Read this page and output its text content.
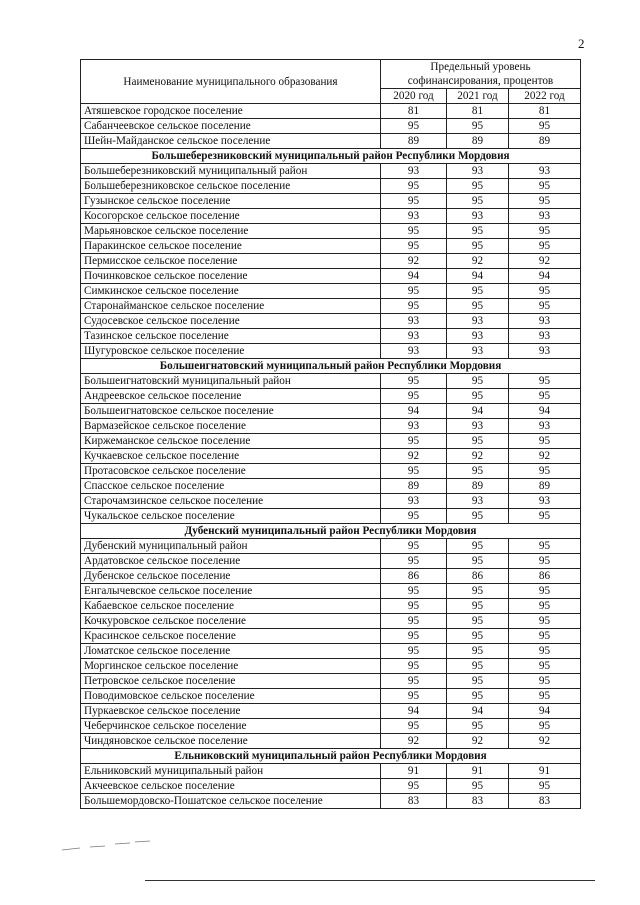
2
Наименование муниципального образования	Предельный уровень софинансирования, процентов		
	2020 год	2021 год	2022 год
Атяшевское городское поселение	81	81	81
Сабанчеевское сельское поселение	95	95	95
Шейн-Майданское сельское поселение	89	89	89
Большеберезниковский муниципальный район Республики Мордовия			
Большеберезниковский муниципальный район	93	93	93
Большеберезниковское сельское поселение	95	95	95
Гузынское сельское поселение	95	95	95
Косогорское сельское поселение	93	93	93
Марьяновское сельское поселение	95	95	95
Паракинское сельское поселение	95	95	95
Пермисское сельское поселение	92	92	92
Починковское сельское поселение	94	94	94
Симкинское сельское поселение	95	95	95
Старонайманское сельское поселение	95	95	95
Судосевское сельское поселение	93	93	93
Тазинское сельское поселение	93	93	93
Шугуровское сельское поселение	93	93	93
Большеигнатовский муниципальный район Республики Мордовия			
Большеигнатовский муниципальный район	95	95	95
Андреевское сельское поселение	95	95	95
Большеигнатовское сельское поселение	94	94	94
Вармазейское сельское поселение	93	93	93
Киржеманское сельское поселение	95	95	95
Кучкаевское сельское поселение	92	92	92
Протасовское сельское поселение	95	95	95
Спасское сельское поселение	89	89	89
Старочамзинское сельское поселение	93	93	93
Чукальское сельское поселение	95	95	95
Дубенский муниципальный район Республики Мордовия			
Дубенский муниципальный район	95	95	95
Ардатовское сельское поселение	95	95	95
Дубенское сельское поселение	86	86	86
Енгалычевское сельское поселение	95	95	95
Кабаевское сельское поселение	95	95	95
Кочкуровское сельское поселение	95	95	95
Красинское сельское поселение	95	95	95
Ломатское сельское поселение	95	95	95
Моргинское сельское поселение	95	95	95
Петровское сельское поселение	95	95	95
Поводимовское сельское поселение	95	95	95
Пуркаевское сельское поселение	94	94	94
Чеберчинское сельское поселение	95	95	95
Чиндяновское сельское поселение	92	92	92
Ельниковский муниципальный район Республики Мордовия			
Ельниковский муниципальный район	91	91	91
Акчеевское сельское поселение	95	95	95
Большемордовско-Пошатское сельское поселение	83	83	83
